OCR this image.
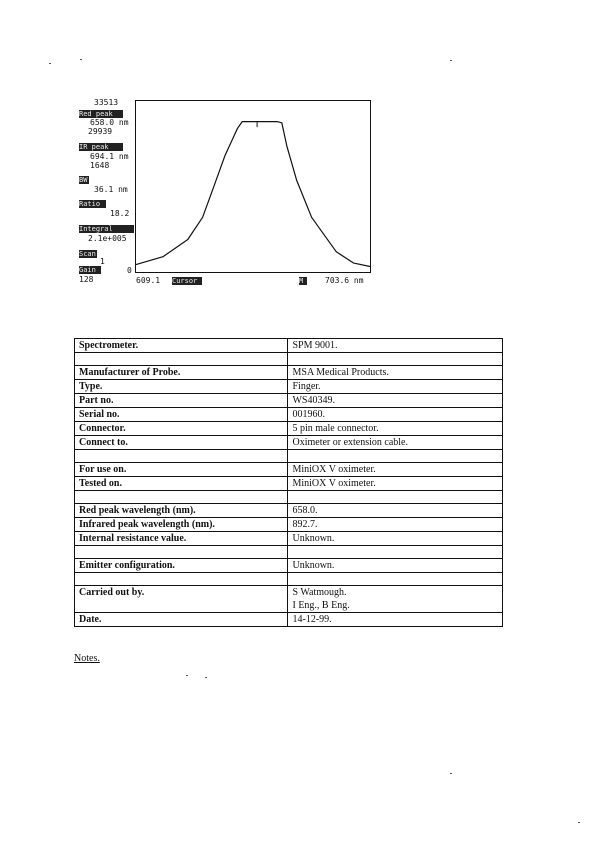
33513
Red peak
658.0 nm
29939
IR peak
694.1 nm
1648
BW
36.1 nm
Ratio
18.2
Integral
2.1e+005
Scan
1
Gain
128
0
609.1 Cursor	M	703.6 nm
Spectrometer.	SPM 9001.

Manufacturer of Probe.	MSA Medical Products.
Type.	Finger.
Part no.	WS40349.
Serial no.	001960.
Connector.	5 pin male connector.
Connect to.	Oximeter or extension cable.

For use on.	MiniOX V oximeter.
Tested on.	MiniOX V oximeter.

Red peak wavelength (nm).	658.0.
Infrared peak wavelength (nm).	892.7.
Internal resistance value.	Unknown.

Emitter configuration.	Unknown.

Carried out by.	S Watmough.
I Eng., B Eng.

Date.	14-12-99.
Notes.
